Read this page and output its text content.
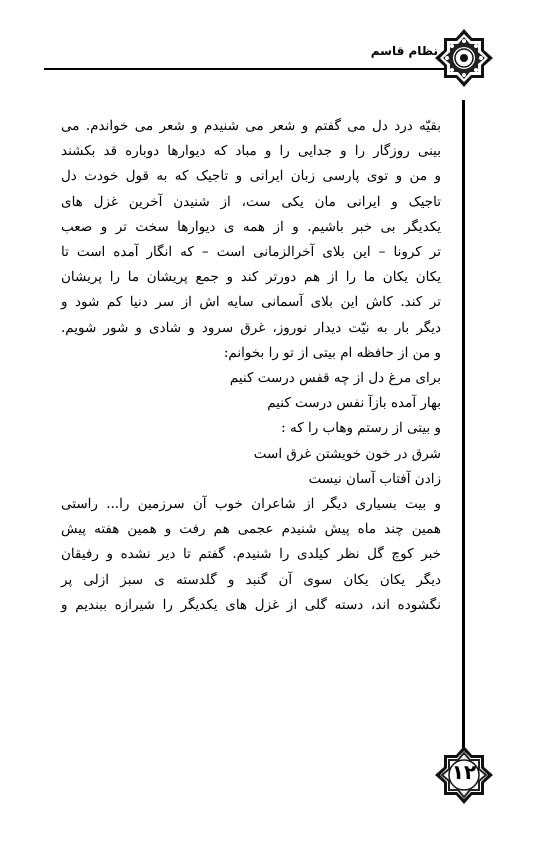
نظام قاسم
۱۲

بقیّه درد دل می گفتم و شعر می شنیدم و شعر می خواندم. می
بینی روزگار را و جدایی را و مباد که دیوارها دوباره قد بکشند
و من و توی پارسی زبان ایرانی و تاجیک که به قول خودت دل
تاجیک و ایرانی مان یکی ست، از شنیدن آخرین غزل های
یکدیگر بی خبر باشیم. و از همه ی دیوارها سخت تر و صعب
تر کرونا – این بلای آخرالزمانی است – که انگار آمده است تا
یکان یکان ما را از هم دورتر کند و جمع پریشان ما را پریشان
تر کند. کاش این بلای آسمانی سایه اش از سر دنیا کم شود و
دیگر بار به نیّت دیدار نوروز، غرق سرود و شادی و شور شویم.

و من از حافظه ام بیتی از تو را بخوانم:
برای مرغ دل از چه قفس درست کنیم
بهار آمده بازآ نفس درست کنیم
و بیتی از رستم وهاب را که :
شرق در خون خویشتن غرق است
زادن آفتاب آسان نیست

و بیت بسیاری دیگر از شاعران خوب آن سرزمین را... راستی
همین چند ماه پیش شنیدم عجمی هم رفت و همین هفته پیش
خبر کوچ گل نظر کیلدی را شنیدم. گفتم تا دیر نشده و رفیقان
دیگر یکان یکان سوی آن گنبد و گلدسته ی سبز ازلی پر
نگشوده اند، دسته گلی از غزل های یکدیگر را شیرازه ببندیم و
